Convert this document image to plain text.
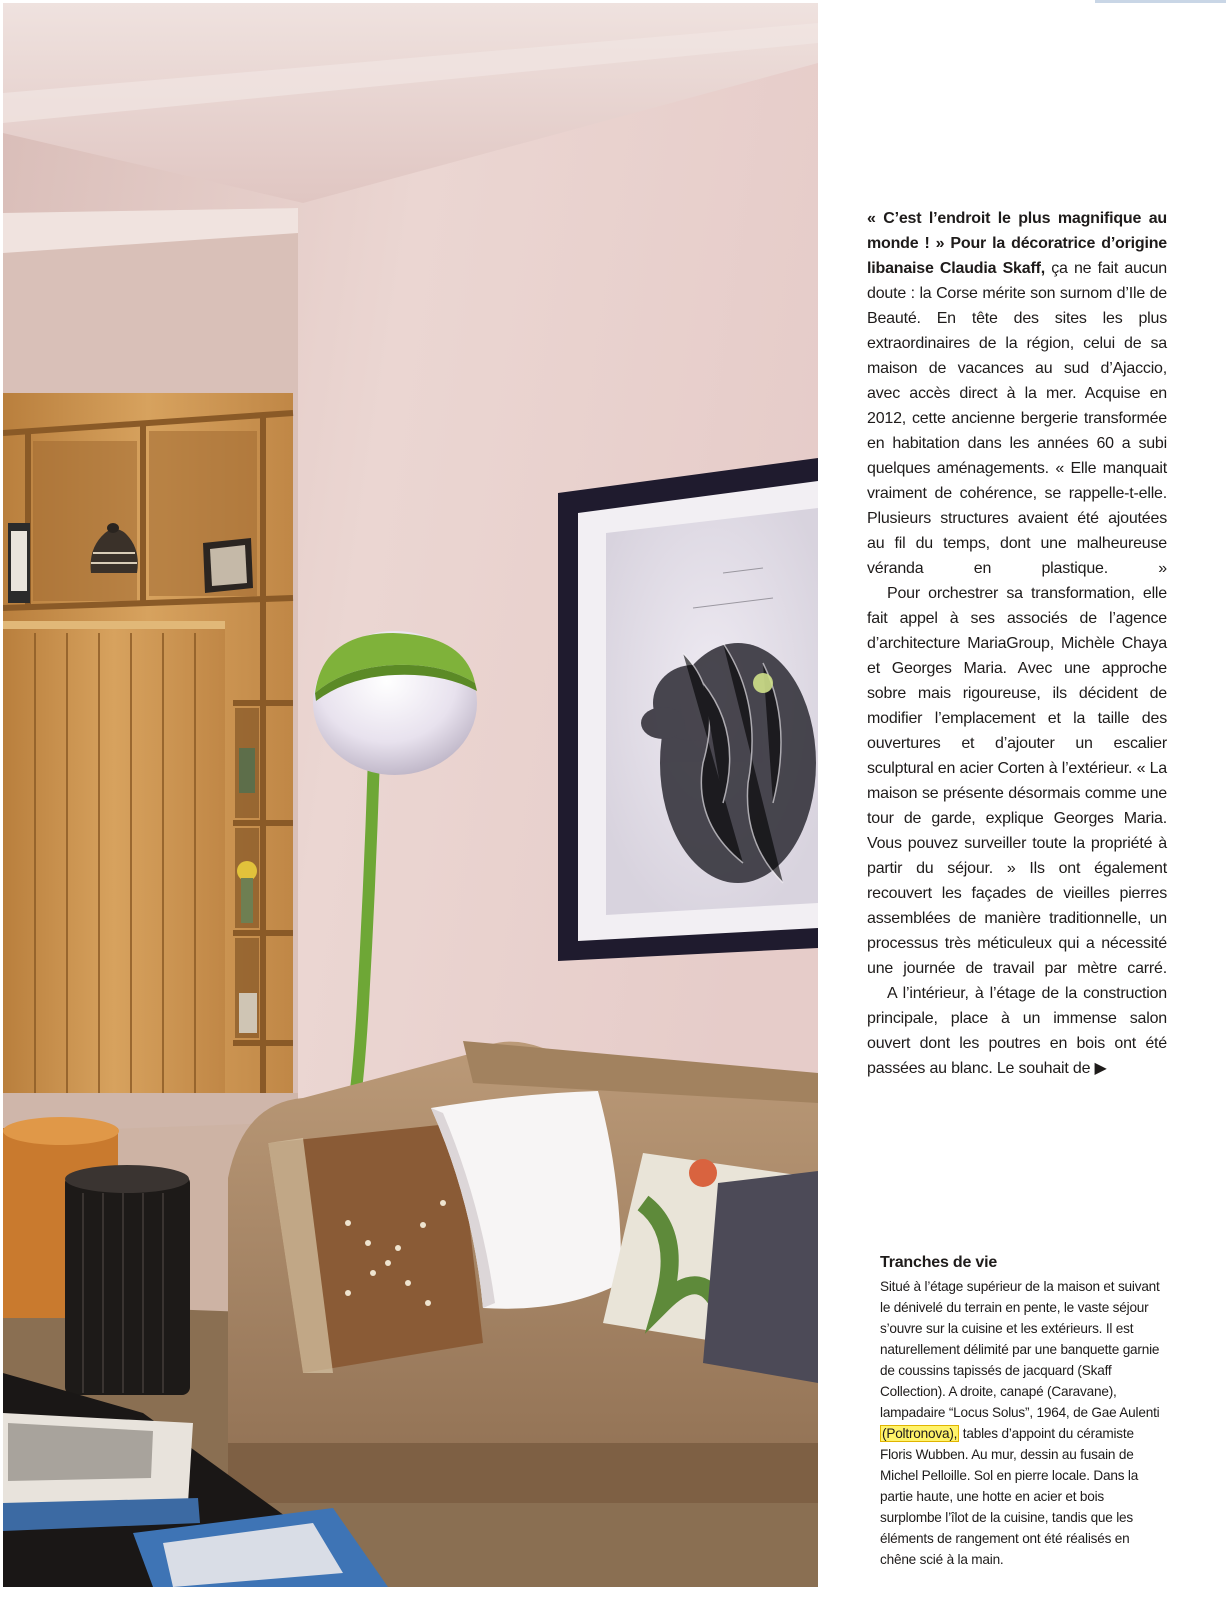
« C’est l’endroit le plus magnifique au monde ! » Pour la décoratrice d’origine libanaise Claudia Skaff, ça ne fait aucun doute : la Corse mérite son surnom d’Ile de Beauté. En tête des sites les plus extraordinaires de la région, celui de sa maison de vacances au sud d’Ajaccio, avec accès direct à la mer. Acquise en 2012, cette ancienne bergerie transformée en habitation dans les années 60 a subi quelques aménagements. « Elle manquait vraiment de cohérence, se rappelle-t-elle. Plusieurs structures avaient été ajoutées au fil du temps, dont une malheureuse véranda en plastique. »

Pour orchestrer sa transformation, elle fait appel à ses associés de l’agence d’architecture MariaGroup, Michèle Chaya et Georges Maria. Avec une approche sobre mais rigoureuse, ils décident de modifier l’emplacement et la taille des ouvertures et d’ajouter un escalier sculptural en acier Corten à l’extérieur. « La maison se présente désormais comme une tour de garde, explique Georges Maria. Vous pouvez surveiller toute la propriété à partir du séjour. » Ils ont également recouvert les façades de vieilles pierres assemblées de manière traditionnelle, un processus très méticuleux qui a nécessité une journée de travail par mètre carré.

A l’intérieur, à l’étage de la construction principale, place à un immense salon ouvert dont les poutres en bois ont été passées au blanc. Le souhait de ▶

Tranches de vie

Situé à l’étage supérieur de la maison et suivant le dénivelé du terrain en pente, le vaste séjour s’ouvre sur la cuisine et les extérieurs. Il est naturellement délimité par une banquette garnie de coussins tapissés de jacquard (Skaff Collection). A droite, canapé (Caravane), lampadaire “Locus Solus”, 1964, de Gae Aulenti (Poltronova), tables d’appoint du céramiste Floris Wubben. Au mur, dessin au fusain de Michel Pelloille. Sol en pierre locale. Dans la partie haute, une hotte en acier et bois surplombe l’îlot de la cuisine, tandis que les éléments de rangement ont été réalisés en chêne scié à la main.
